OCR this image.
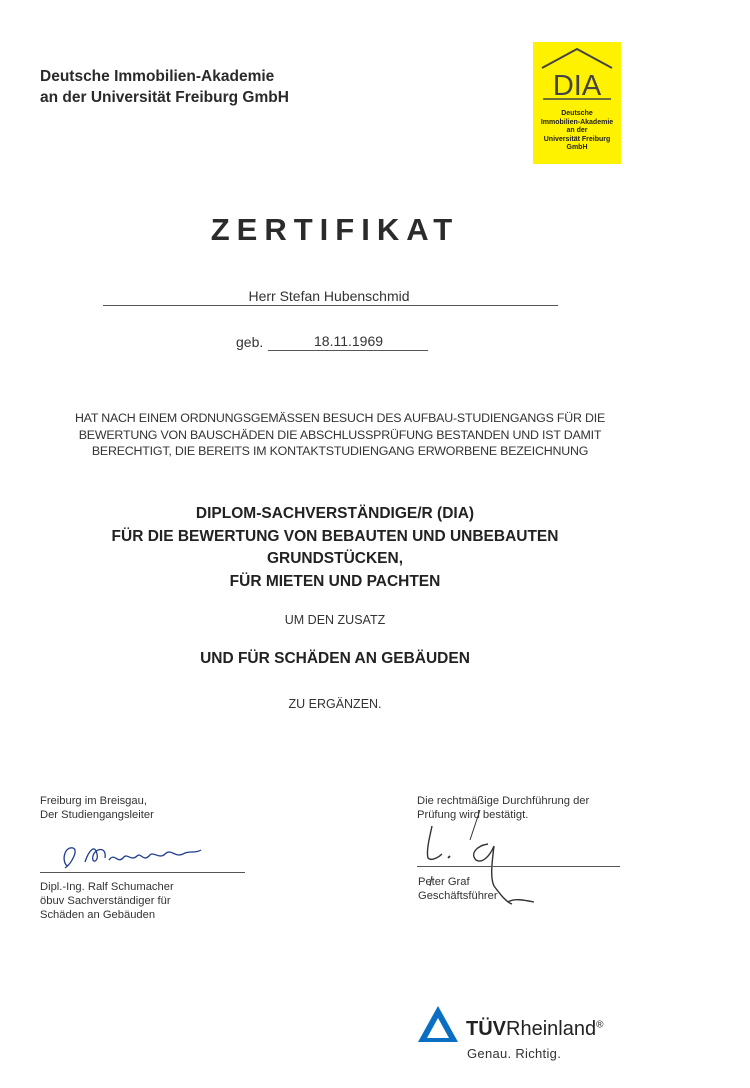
Deutsche Immobilien-Akademie
an der Universität Freiburg GmbH	DIA
Deutsche
Immobilien-Akademie
an der
Universität Freiburg
GmbH
ZERTIFIKAT
Herr Stefan Hubenschmid
geb.	18.11.1969
HAT NACH EINEM ORDNUNGSGEMÄSSEN BESUCH DES AUFBAU-STUDIENGANGS FÜR DIE
BEWERTUNG VON BAUSCHÄDEN DIE ABSCHLUSSPRÜFUNG BESTANDEN UND IST DAMIT
BERECHTIGT, DIE BEREITS IM KONTAKTSTUDIENGANG ERWORBENE BEZEICHNUNG
DIPLOM-SACHVERSTÄNDIGE/R (DIA)
FÜR DIE BEWERTUNG VON BEBAUTEN UND UNBEBAUTEN
GRUNDSTÜCKEN,
FÜR MIETEN UND PACHTEN
UM DEN ZUSATZ
UND FÜR SCHÄDEN AN GEBÄUDEN
ZU ERGÄNZEN.
Freiburg im Breisgau,
Der Studiengangsleiter
Dipl.-Ing. Ralf Schumacher
öbuv Sachverständiger für
Schäden an Gebäuden
Die rechtmäßige Durchführung der
Prüfung wird bestätigt.
Peter Graf
Geschäftsführer
TÜVRheinland®
Genau. Richtig.
